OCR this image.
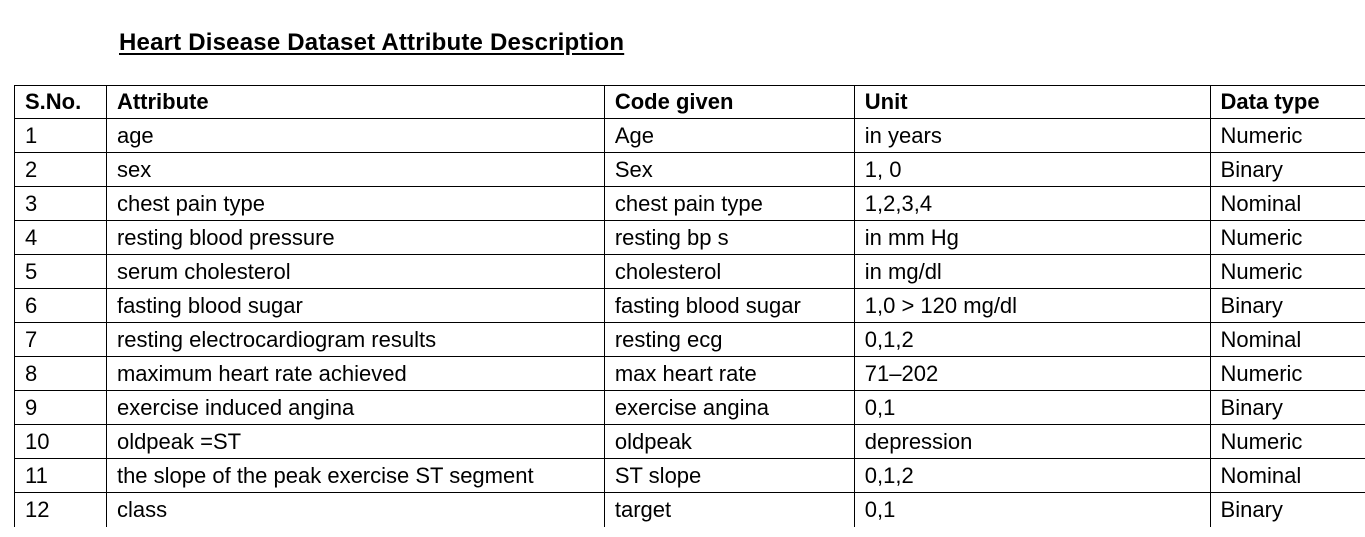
Heart Disease Dataset Attribute Description
S.No.	Attribute	Code given	Unit	Data type
1	age	Age	in years	Numeric
2	sex	Sex	1, 0	Binary
3	chest pain type	chest pain type	1,2,3,4	Nominal
4	resting blood pressure	resting bp s	in mm Hg	Numeric
5	serum cholesterol	cholesterol	in mg/dl	Numeric
6	fasting blood sugar	fasting blood sugar	1,0 > 120 mg/dl	Binary
7	resting electrocardiogram results	resting ecg	0,1,2	Nominal
8	maximum heart rate achieved	max heart rate	71–202	Numeric
9	exercise induced angina	exercise angina	0,1	Binary
10	oldpeak =ST	oldpeak	depression	Numeric
11	the slope of the peak exercise ST segment	ST slope	0,1,2	Nominal
12	class	target	0,1	Binary
